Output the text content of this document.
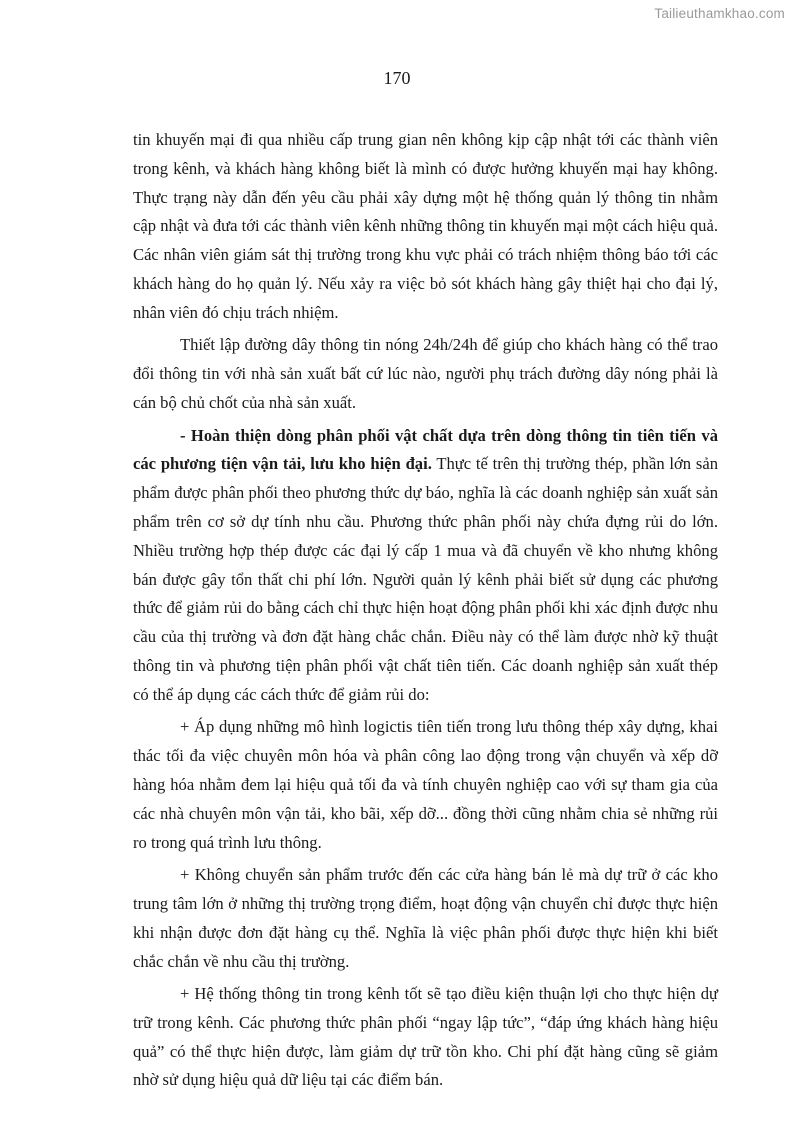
Tailieuthamkhao.com
170

tin khuyến mại đi qua nhiều cấp trung gian nên không kịp cập nhật tới các thành viên trong kênh, và khách hàng không biết là mình có được hưởng khuyến mại hay không. Thực trạng này dẫn đến yêu cầu phải xây dựng một hệ thống quản lý thông tin nhằm cập nhật và đưa tới các thành viên kênh những thông tin khuyến mại một cách hiệu quả. Các nhân viên giám sát thị trường trong khu vực phải có trách nhiệm thông báo tới các khách hàng do họ quản lý. Nếu xảy ra việc bỏ sót khách hàng gây thiệt hại cho đại lý, nhân viên đó chịu trách nhiệm.

Thiết lập đường dây thông tin nóng 24h/24h để giúp cho khách hàng có thể trao đổi thông tin với nhà sản xuất bất cứ lúc nào, người phụ trách đường dây nóng phải là cán bộ chủ chốt của nhà sản xuất.

- Hoàn thiện dòng phân phối vật chất dựa trên dòng thông tin tiên tiến và các phương tiện vận tải, lưu kho hiện đại. Thực tế trên thị trường thép, phần lớn sản phẩm được phân phối theo phương thức dự báo, nghĩa là các doanh nghiệp sản xuất sản phẩm trên cơ sở dự tính nhu cầu. Phương thức phân phối này chứa đựng rủi do lớn. Nhiều trường hợp thép được các đại lý cấp 1 mua và đã chuyển về kho nhưng không bán được gây tổn thất chi phí lớn. Người quản lý kênh phải biết sử dụng các phương thức để giảm rủi do bằng cách chỉ thực hiện hoạt động phân phối khi xác định được nhu cầu của thị trường và đơn đặt hàng chắc chắn. Điều này có thể làm được nhờ kỹ thuật thông tin và phương tiện phân phối vật chất tiên tiến. Các doanh nghiệp sản xuất thép có thể áp dụng các cách thức để giảm rủi do:

+ Áp dụng những mô hình logictis tiên tiến trong lưu thông thép xây dựng, khai thác tối đa việc chuyên môn hóa và phân công lao động trong vận chuyển và xếp dỡ hàng hóa nhằm đem lại hiệu quả tối đa và tính chuyên nghiệp cao với sự tham gia của các nhà chuyên môn vận tải, kho bãi, xếp dỡ... đồng thời cũng nhằm chia sẻ những rủi ro trong quá trình lưu thông.

+ Không chuyển sản phẩm trước đến các cửa hàng bán lẻ mà dự trữ ở các kho trung tâm lớn ở những thị trường trọng điểm, hoạt động vận chuyển chỉ được thực hiện khi nhận được đơn đặt hàng cụ thể. Nghĩa là việc phân phối được thực hiện khi biết chắc chắn về nhu cầu thị trường.

+ Hệ thống thông tin trong kênh tốt sẽ tạo điều kiện thuận lợi cho thực hiện dự trữ trong kênh. Các phương thức phân phối “ngay lập tức”, “đáp ứng khách hàng hiệu quả” có thể thực hiện được, làm giảm dự trữ tồn kho. Chi phí đặt hàng cũng sẽ giảm nhờ sử dụng hiệu quả dữ liệu tại các điểm bán.
